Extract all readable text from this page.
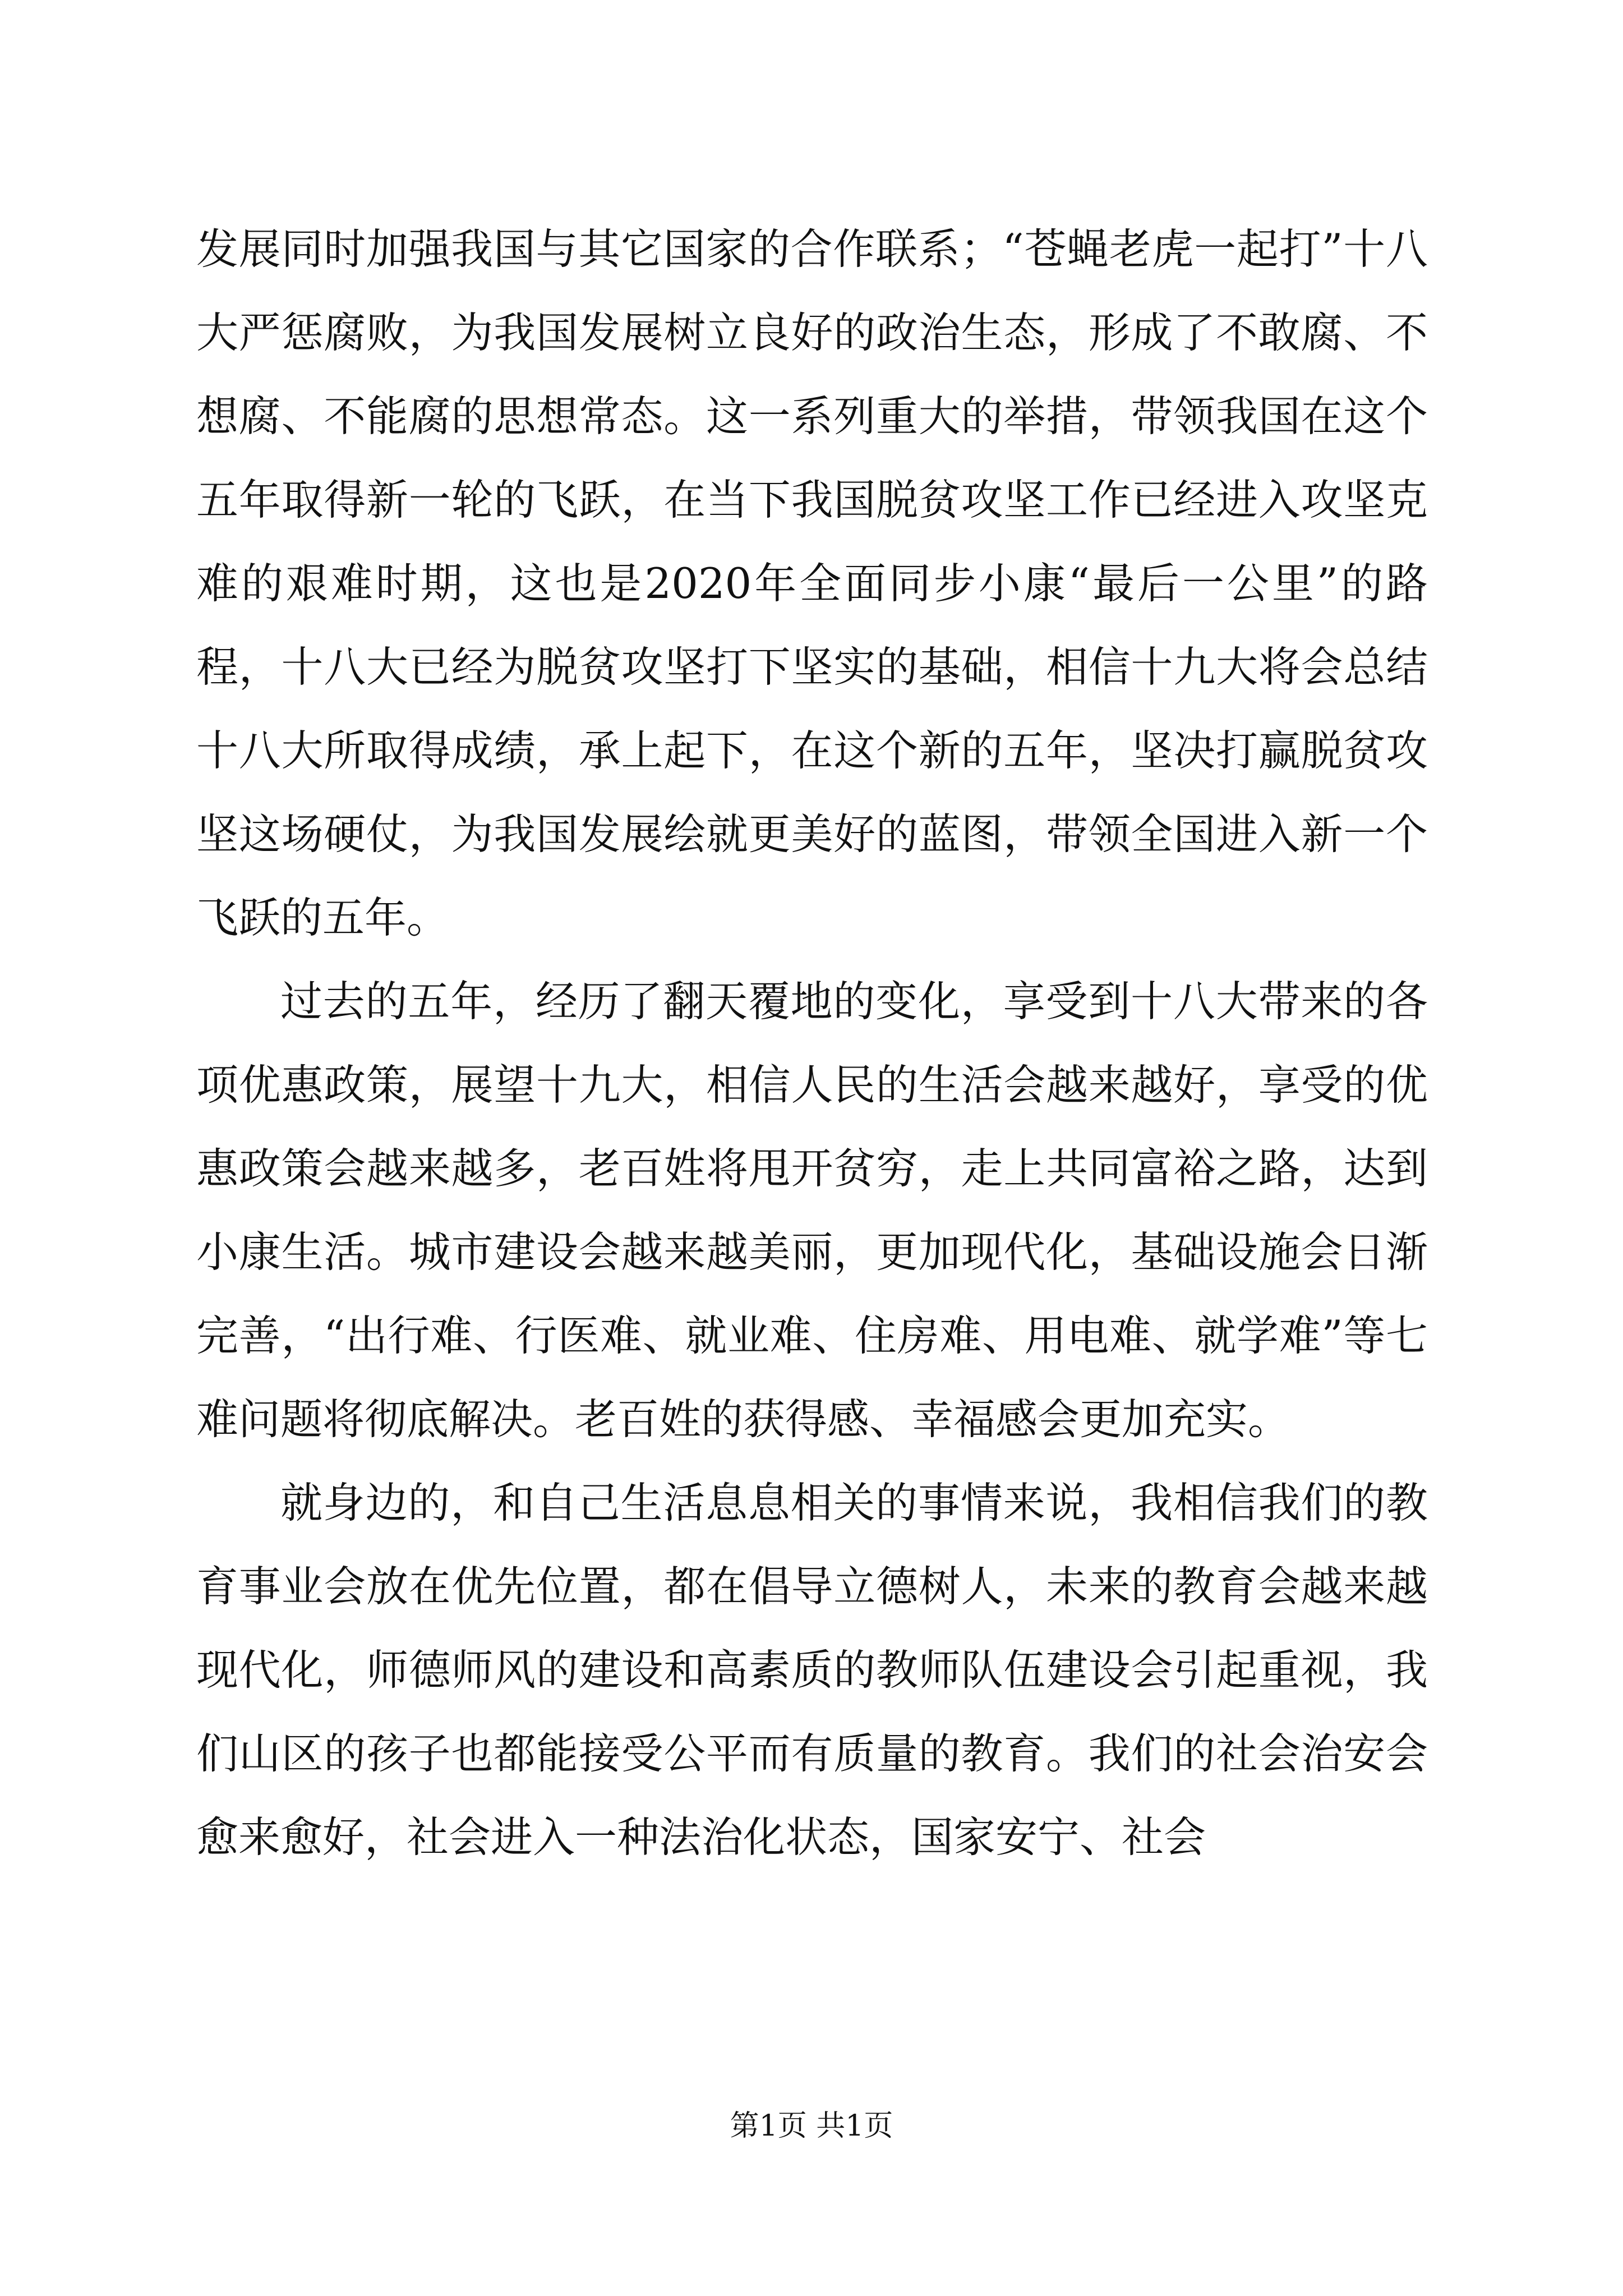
发展同时加强我国与其它国家的合作联系；“苍蝇老虎一起打”十八大严惩腐败，为我国发展树立良好的政治生态，形成了不敢腐、不想腐、不能腐的思想常态。这一系列重大的举措，带领我国在这个五年取得新一轮的飞跃，在当下我国脱贫攻坚工作已经进入攻坚克难的艰难时期，这也是2020年全面同步小康“最后一公里”的路程，十八大已经为脱贫攻坚打下坚实的基础，相信十九大将会总结十八大所取得成绩，承上起下，在这个新的五年，坚决打赢脱贫攻坚这场硬仗，为我国发展绘就更美好的蓝图，带领全国进入新一个飞跃的五年。

过去的五年，经历了翻天覆地的变化，享受到十八大带来的各项优惠政策，展望十九大，相信人民的生活会越来越好，享受的优惠政策会越来越多，老百姓将甩开贫穷，走上共同富裕之路，达到小康生活。城市建设会越来越美丽，更加现代化，基础设施会日渐完善，“出行难、行医难、就业难、住房难、用电难、就学难”等七难问题将彻底解决。老百姓的获得感、幸福感会更加充实。

就身边的，和自己生活息息相关的事情来说，我相信我们的教育事业会放在优先位置，都在倡导立德树人，未来的教育会越来越现代化，师德师风的建设和高素质的教师队伍建设会引起重视，我们山区的孩子也都能接受公平而有质量的教育。我们的社会治安会愈来愈好，社会进入一种法治化状态，国家安宁、社会

第1页 共1页
